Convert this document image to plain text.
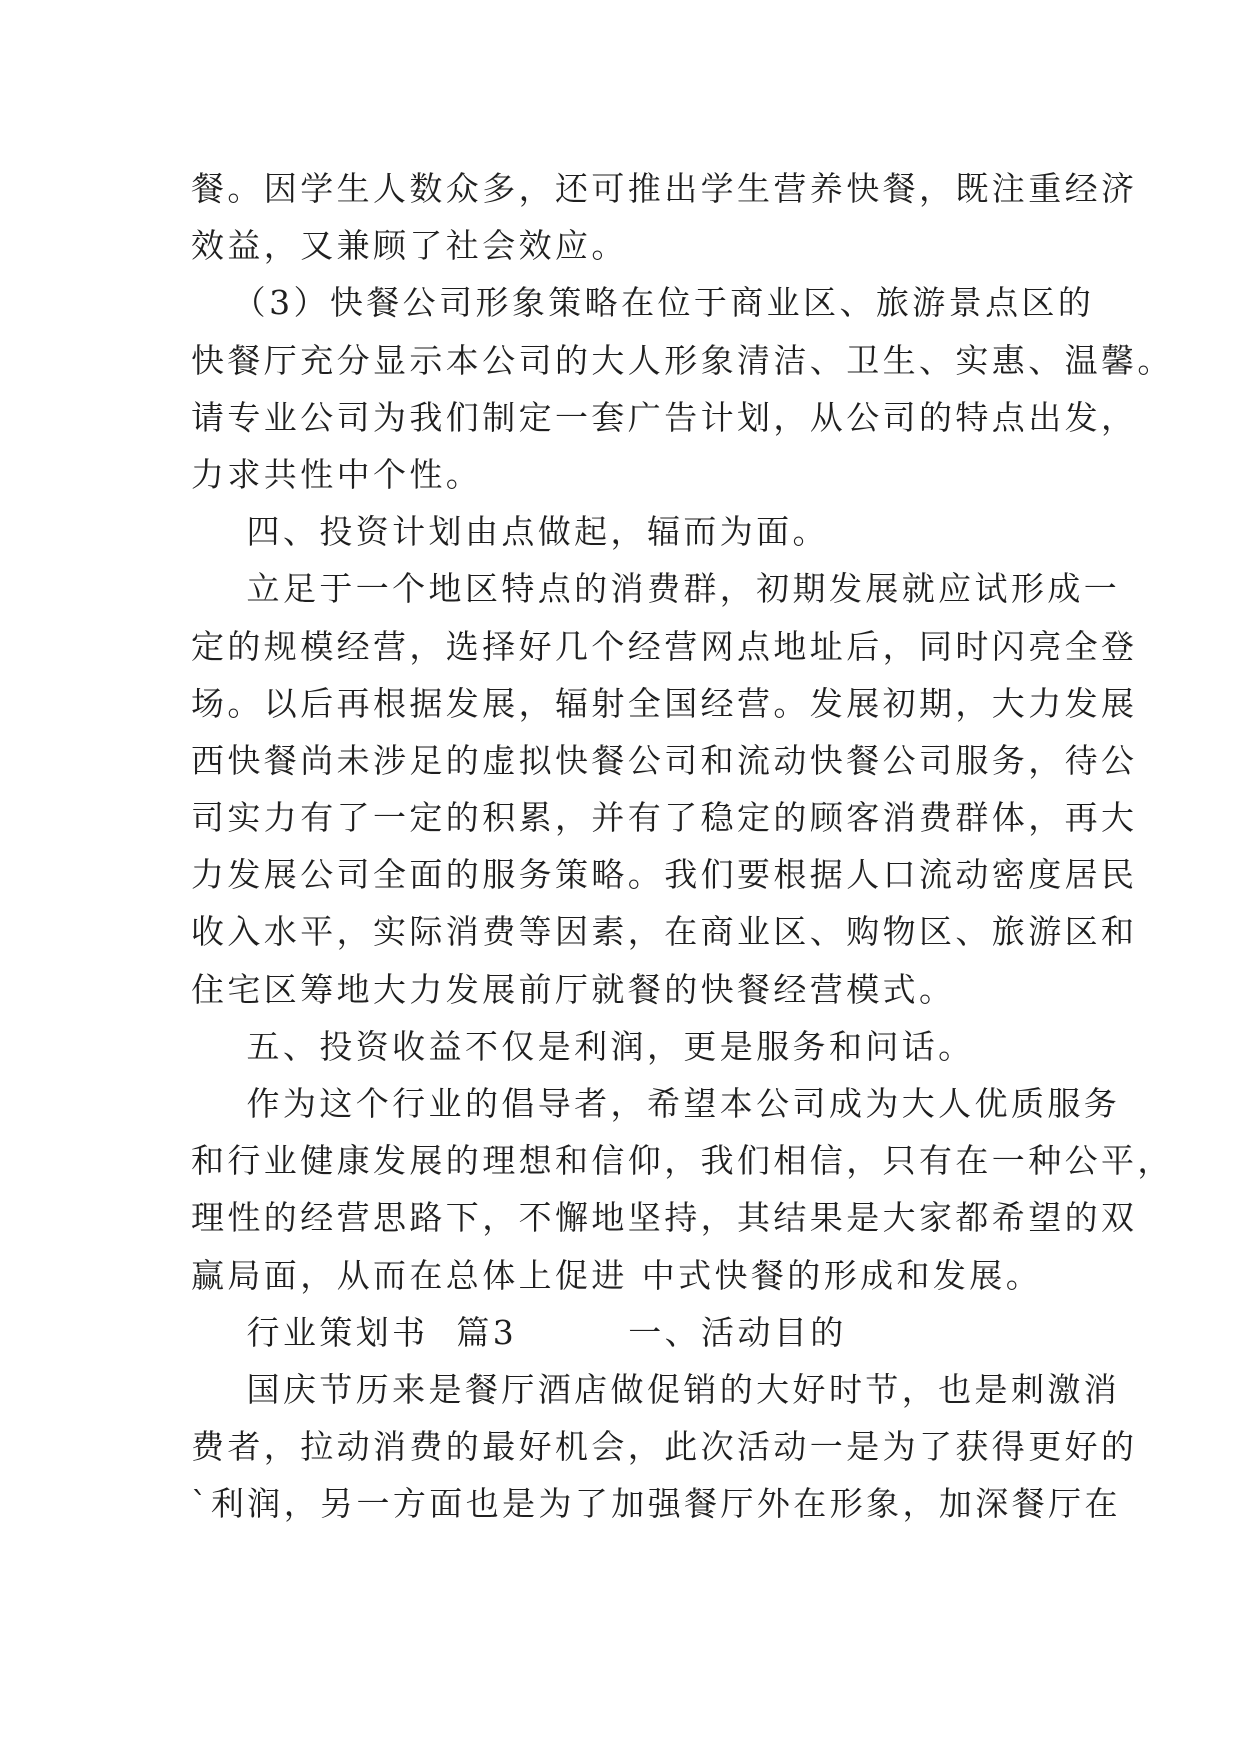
餐。因学生人数众多，还可推出学生营养快餐，既注重经济
效益，又兼顾了社会效应。
（3）快餐公司形象策略在位于商业区、旅游景点区的
快餐厅充分显示本公司的大人形象清洁、卫生、实惠、温馨。
请专业公司为我们制定一套广告计划，从公司的特点出发，
力求共性中个性。
四、投资计划由点做起，辐而为面。
立足于一个地区特点的消费群，初期发展就应试形成一
定的规模经营，选择好几个经营网点地址后，同时闪亮全登
场。以后再根据发展，辐射全国经营。发展初期，大力发展
西快餐尚未涉足的虚拟快餐公司和流动快餐公司服务，待公
司实力有了一定的积累，并有了稳定的顾客消费群体，再大
力发展公司全面的服务策略。我们要根据人口流动密度居民
收入水平，实际消费等因素，在商业区、购物区、旅游区和
住宅区筹地大力发展前厅就餐的快餐经营模式。
五、投资收益不仅是利润，更是服务和问话。
作为这个行业的倡导者，希望本公司成为大人优质服务
和行业健康发展的理想和信仰，我们相信，只有在一种公平，
理性的经营思路下，不懈地坚持，其结果是大家都希望的双
赢局面，从而在总体上促进 中式快餐的形成和发展。
行业策划书  篇3        一、活动目的
国庆节历来是餐厅酒店做促销的大好时节，也是刺激消
费者，拉动消费的最好机会，此次活动一是为了获得更好的
`利润，另一方面也是为了加强餐厅外在形象，加深餐厅在
